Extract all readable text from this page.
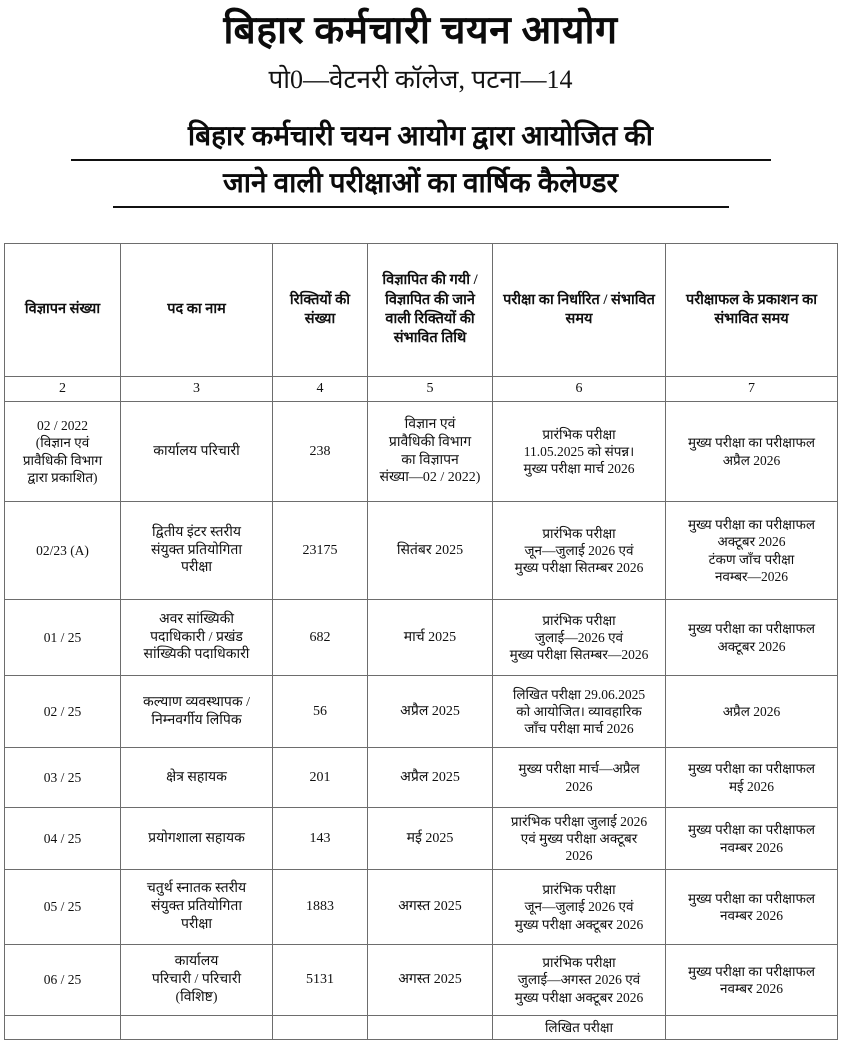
बिहार कर्मचारी चयन आयोग

पो0—वेटनरी कॉलेज, पटना—14

बिहार कर्मचारी चयन आयोग द्वारा आयोजित की
जाने वाली परीक्षाओं का वार्षिक कैलेण्डर
विज्ञापन संख्या	पद का नाम	रिक्तियों की संख्या	विज्ञापित की गयी / विज्ञापित की जाने वाली रिक्तियों की संभावित तिथि	परीक्षा का निर्धारित / संभावित समय	परीक्षाफल के प्रकाशन का संभावित समय
2	3	4	5	6	7

02 / 2022
(विज्ञान एवं
प्रावैधिकी विभाग
द्वारा प्रकाशित)	कार्यालय परिचारी	238	विज्ञान एवं
प्रावैधिकी विभाग
का विज्ञापन
संख्या—02 / 2022)	प्रारंभिक परीक्षा
11.05.2025 को संपन्न।
मुख्य परीक्षा मार्च 2026	मुख्य परीक्षा का परीक्षाफल
अप्रैल 2026

02/23 (A)	द्वितीय इंटर स्तरीय
संयुक्त प्रतियोगिता
परीक्षा	23175	सितंबर 2025	प्रारंभिक परीक्षा
जून—जुलाई 2026 एवं
मुख्य परीक्षा सितम्बर 2026	मुख्य परीक्षा का परीक्षाफल
अक्टूबर 2026
टंकण जाँच परीक्षा
नवम्बर—2026

01 / 25	अवर सांख्यिकी
पदाधिकारी / प्रखंड
सांख्यिकी पदाधिकारी	682	मार्च 2025	प्रारंभिक परीक्षा
जुलाई—2026 एवं
मुख्य परीक्षा सितम्बर—2026	मुख्य परीक्षा का परीक्षाफल
अक्टूबर 2026

02 / 25	कल्याण व्यवस्थापक /
निम्नवर्गीय लिपिक	56	अप्रैल 2025	लिखित परीक्षा 29.06.2025
को आयोजित। व्यावहारिक
जाँच परीक्षा मार्च 2026	अप्रैल 2026

03 / 25	क्षेत्र सहायक	201	अप्रैल 2025	मुख्य परीक्षा मार्च—अप्रैल
2026	मुख्य परीक्षा का परीक्षाफल
मई 2026

04 / 25	प्रयोगशाला सहायक	143	मई 2025	प्रारंभिक परीक्षा जुलाई 2026
एवं मुख्य परीक्षा अक्टूबर
2026	मुख्य परीक्षा का परीक्षाफल
नवम्बर 2026

05 / 25	चतुर्थ स्नातक स्तरीय
संयुक्त प्रतियोगिता
परीक्षा	1883	अगस्त 2025	प्रारंभिक परीक्षा
जून—जुलाई 2026 एवं
मुख्य परीक्षा अक्टूबर 2026	मुख्य परीक्षा का परीक्षाफल
नवम्बर 2026

06 / 25	कार्यालय
परिचारी / परिचारी
(विशिष्ट)	5131	अगस्त 2025	प्रारंभिक परीक्षा
जुलाई—अगस्त 2026 एवं
मुख्य परीक्षा अक्टूबर 2026	मुख्य परीक्षा का परीक्षाफल
नवम्बर 2026

				लिखित परीक्षा	
